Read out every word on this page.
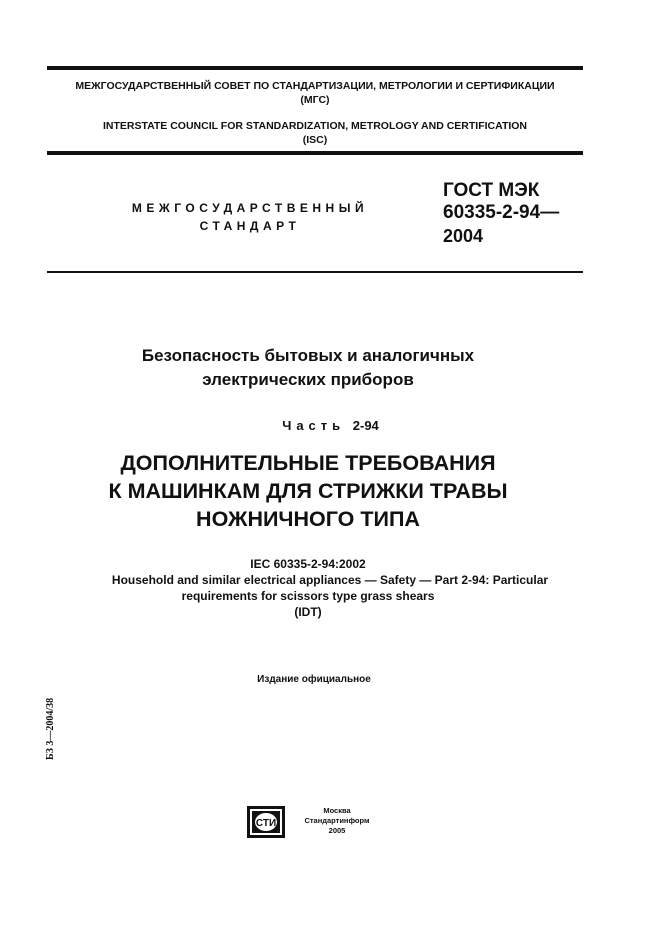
МЕЖГОСУДАРСТВЕННЫЙ СОВЕТ ПО СТАНДАРТИЗАЦИИ, МЕТРОЛОГИИ И СЕРТИФИКАЦИИ
(МГС)
INTERSTATE COUNCIL FOR STANDARDIZATION, METROLOGY AND CERTIFICATION
(ISC)
МЕЖГОСУДАРСТВЕННЫЙ
СТАНДАРТ
ГОСТ МЭК
60335-2-94—
2004
Безопасность бытовых и аналогичных
электрических приборов
Часть 2-94
ДОПОЛНИТЕЛЬНЫЕ ТРЕБОВАНИЯ
К МАШИНКАМ ДЛЯ СТРИЖКИ ТРАВЫ
НОЖНИЧНОГО ТИПА
IEC 60335-2-94:2002
Household and similar electrical appliances — Safety — Part 2-94: Particular
requirements for scissors type grass shears
(IDT)
Издание официальное
БЗ 3—2004/38
СТИ
Москва
Стандартинформ
2005
